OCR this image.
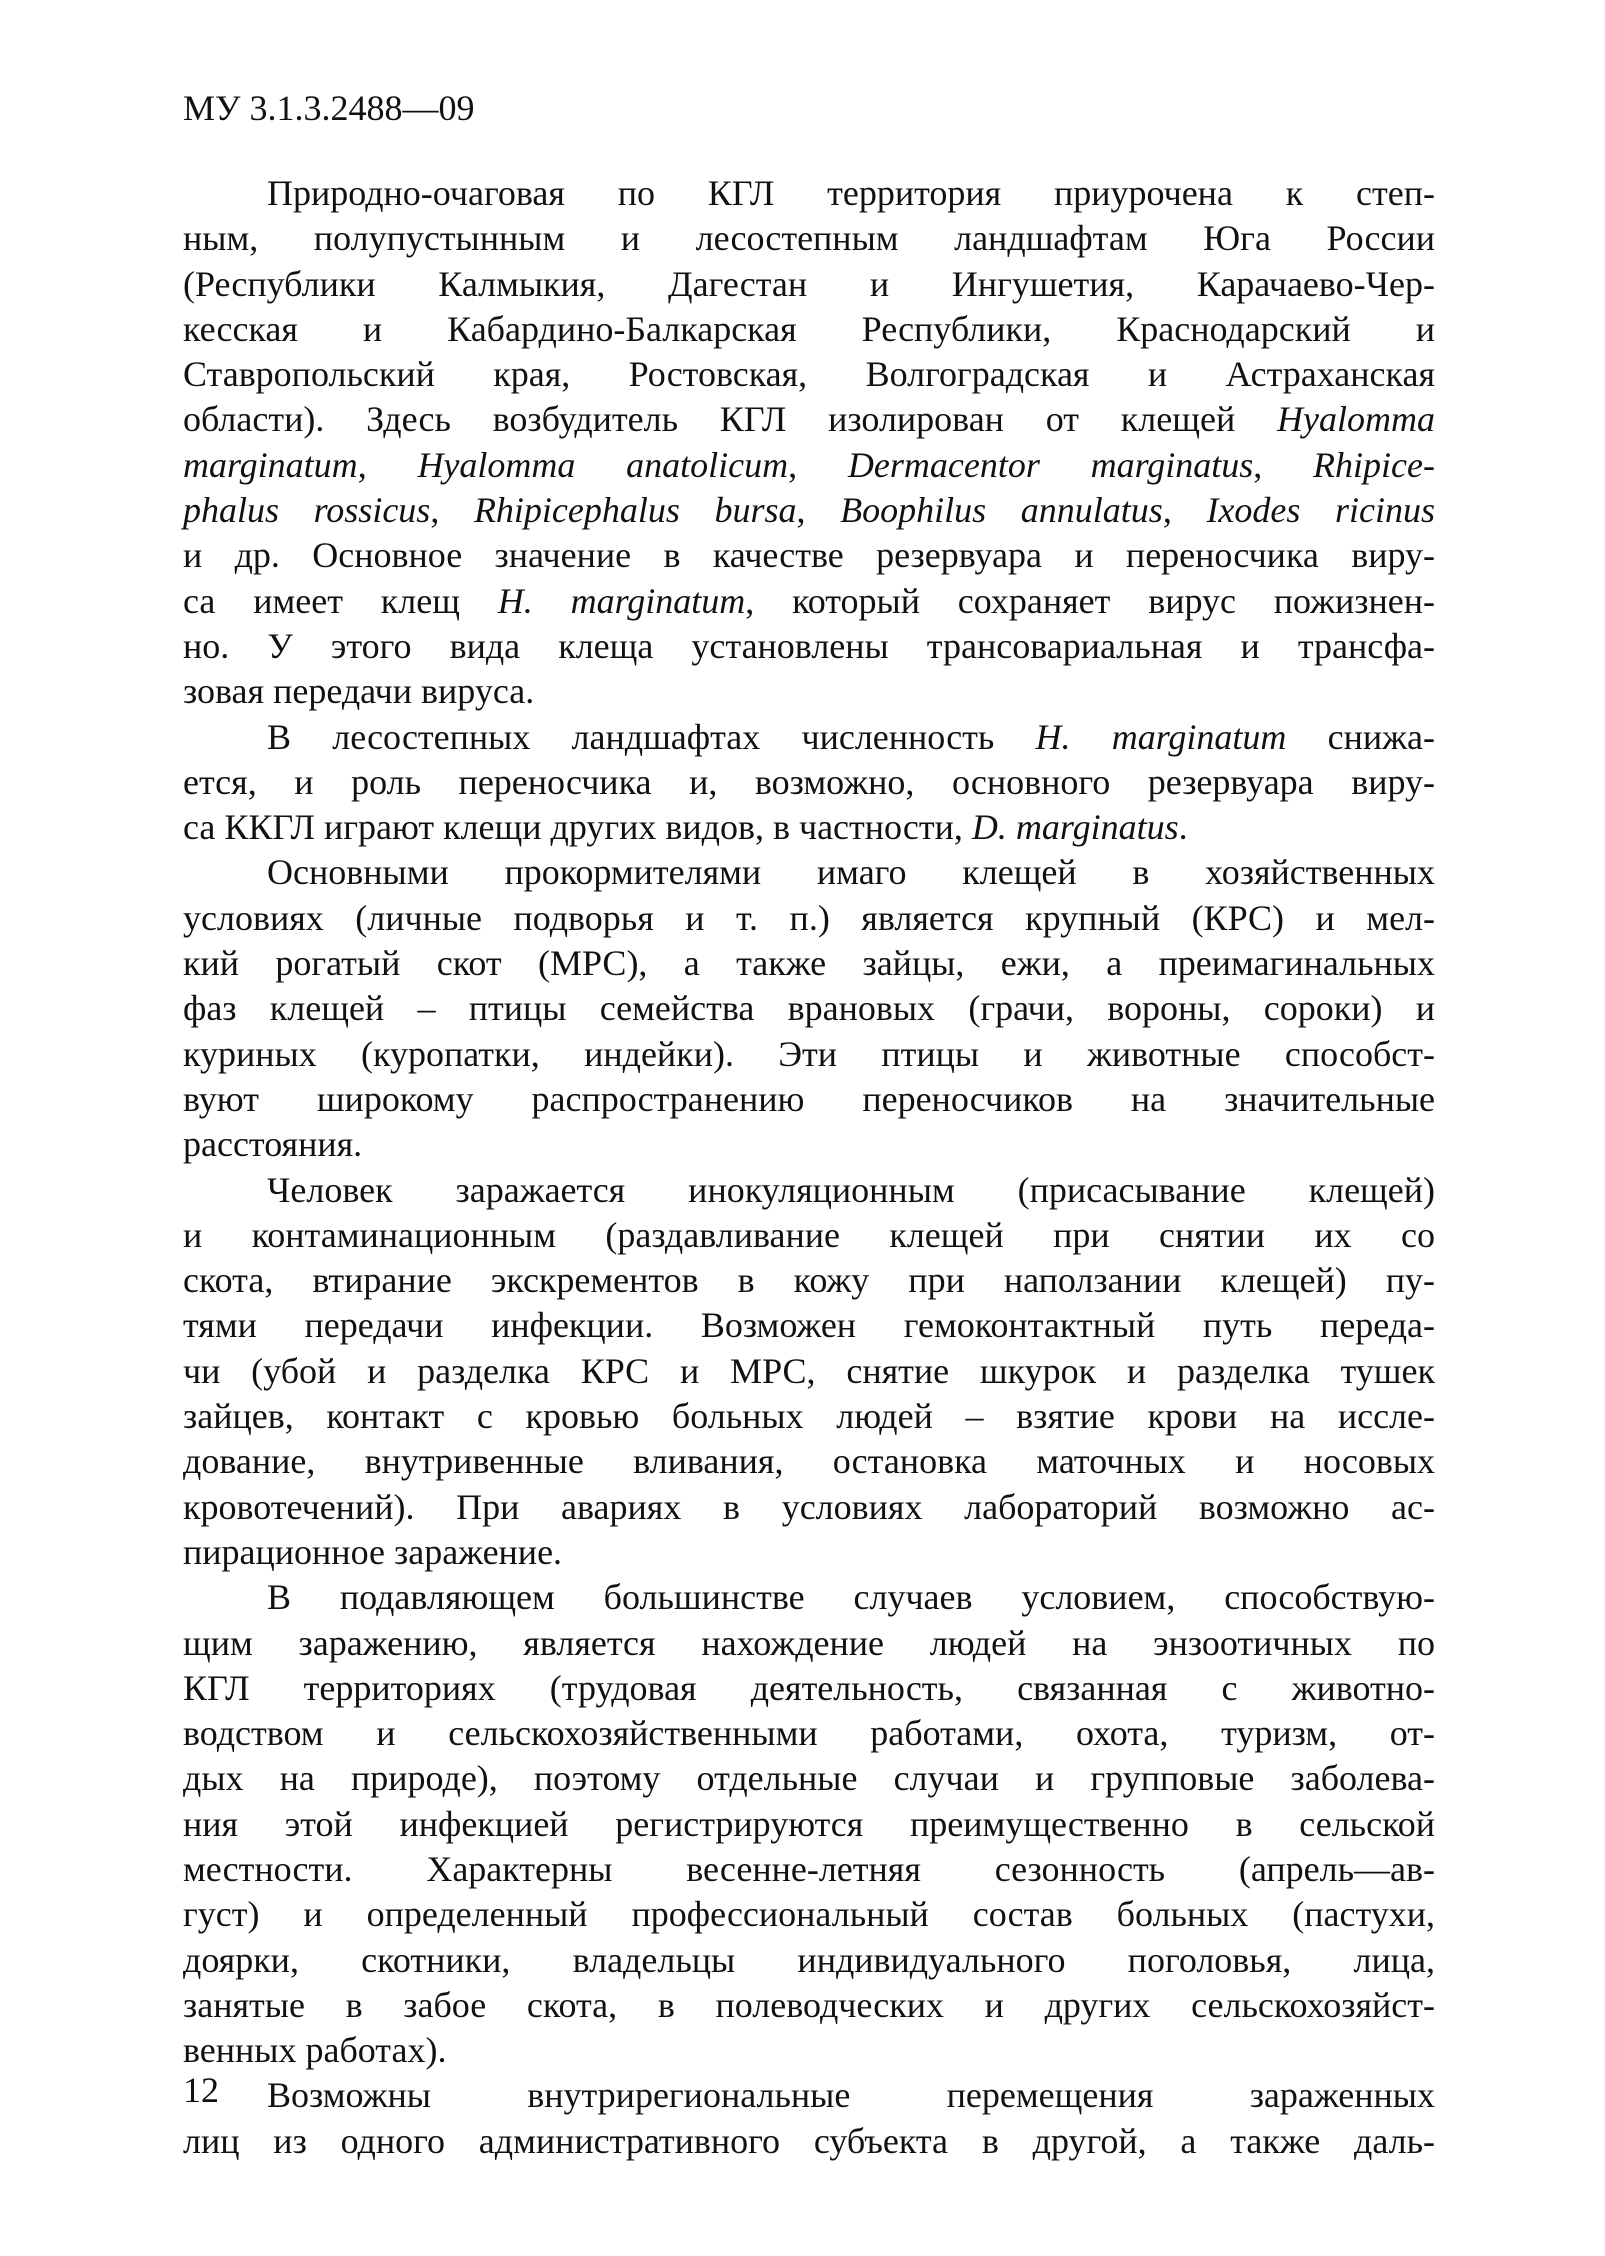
МУ 3.1.3.2488—09
Природно-очаговая по КГЛ территория приурочена к степ-
ным, полупустынным и лесостепным ландшафтам Юга России
(Республики Калмыкия, Дагестан и Ингушетия, Карачаево-Чер-
кесская и Кабардино-Балкарская Республики, Краснодарский и
Ставропольский края, Ростовская, Волгоградская и Астраханская
области). Здесь возбудитель КГЛ изолирован от клещей Hyalomma
marginatum, Hyalomma anatolicum, Dermacentor marginatus, Rhipice-
phalus rossicus, Rhipicephalus bursa, Boophilus annulatus, Ixodes ricinus
и др. Основное значение в качестве резервуара и переносчика виру-
са имеет клещ H. marginatum, который сохраняет вирус пожизнен-
но. У этого вида клеща установлены трансовариальная и трансфа-
зовая передачи вируса.
В лесостепных ландшафтах численность H. marginatum снижа-
ется, и роль переносчика и, возможно, основного резервуара виру-
са ККГЛ играют клещи других видов, в частности, D. marginatus.
Основными прокормителями имаго клещей в хозяйственных
условиях (личные подворья и т. п.) является крупный (КРС) и мел-
кий рогатый скот (МРС), а также зайцы, ежи, а преимагинальных
фаз клещей – птицы семейства врановых (грачи, вороны, сороки) и
куриных (куропатки, индейки). Эти птицы и животные способст-
вуют широкому распространению переносчиков на значительные
расстояния.
Человек заражается инокуляционным (присасывание клещей)
и контаминационным (раздавливание клещей при снятии их со
скота, втирание экскрементов в кожу при наползании клещей) пу-
тями передачи инфекции. Возможен гемоконтактный путь переда-
чи (убой и разделка КРС и МРС, снятие шкурок и разделка тушек
зайцев, контакт с кровью больных людей – взятие крови на иссле-
дование, внутривенные вливания, остановка маточных и носовых
кровотечений). При авариях в условиях лабораторий возможно ас-
пирационное заражение.
В подавляющем большинстве случаев условием, способствую-
щим заражению, является нахождение людей на энзоотичных по
КГЛ территориях (трудовая деятельность, связанная с животно-
водством и сельскохозяйственными работами, охота, туризм, от-
дых на природе), поэтому отдельные случаи и групповые заболева-
ния этой инфекцией регистрируются преимущественно в сельской
местности. Характерны весенне-летняя сезонность (апрель—ав-
густ) и определенный профессиональный состав больных (пастухи,
доярки, скотники, владельцы индивидуального поголовья, лица,
занятые в забое скота, в полеводческих и других сельскохозяйст-
венных работах).
Возможны внутрирегиональные перемещения зараженных
лиц из одного административного субъекта в другой, а также даль-
12
